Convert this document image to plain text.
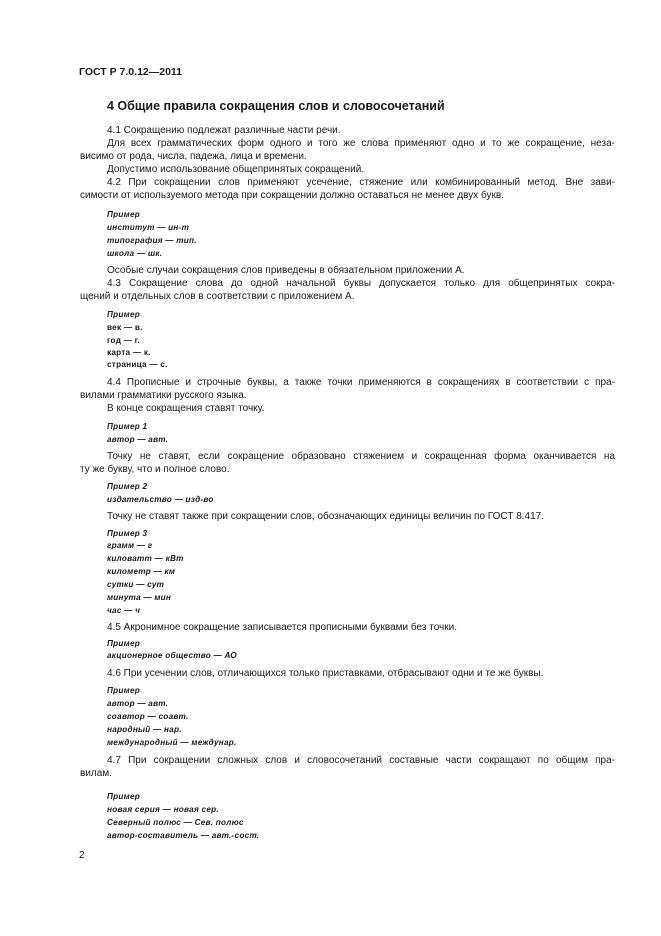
ГОСТ Р 7.0.12—2011
4 Общие правила сокращения слов и словосочетаний
4.1 Сокращению подлежат различные части речи.
Для всех грамматических форм одного и того же слова применяют одно и то же сокращение, неза-
висимо от рода, числа, падежа, лица и времени.
Допустимо использование общепринятых сокращений.
4.2 При сокращении слов применяют усечение, стяжение или комбинированный метод. Вне зави-
симости от используемого метода при сокращении должно оставаться не менее двух букв.
Пример
институт — ин-т
типография — тип.
школа — шк.
Особые случаи сокращения слов приведены в обязательном приложении А.
4.3 Сокращение слова до одной начальной буквы допускается только для общепринятых сокра-
щений и отдельных слов в соответствии с приложением А.
Пример
век — в.
год — г.
карта — к.
страница — с.
4.4 Прописные и строчные буквы, а также точки применяются в сокращениях в соответствии с пра-
вилами грамматики русского языка.
В конце сокращения ставят точку.
Пример 1
автор — авт.
Точку не ставят, если сокращение образовано стяжением и сокращенная форма оканчивается на
ту же букву, что и полное слово.
Пример 2
издательство — изд-во
Точку не ставят также при сокращении слов, обозначающих единицы величин по ГОСТ 8.417.
Пример 3
грамм — г
киловатт — кВт
километр — км
сутки — сут
минута — мин
час — ч
4.5 Акронимное сокращение записывается прописными буквами без точки.
Пример
акционерное общество — АО
4.6 При усечении слов, отличающихся только приставками, отбрасывают одни и те же буквы.
Пример
автор — авт.
соавтор — соавт.
народный — нар.
международный — междунар.
4.7 При сокращении сложных слов и словосочетаний составные части сокращают по общим пра-
вилам.
Пример
новая серия — новая сер.
Северный полюс — Сев. полюс
автор-составитель — авт.-сост.
2
